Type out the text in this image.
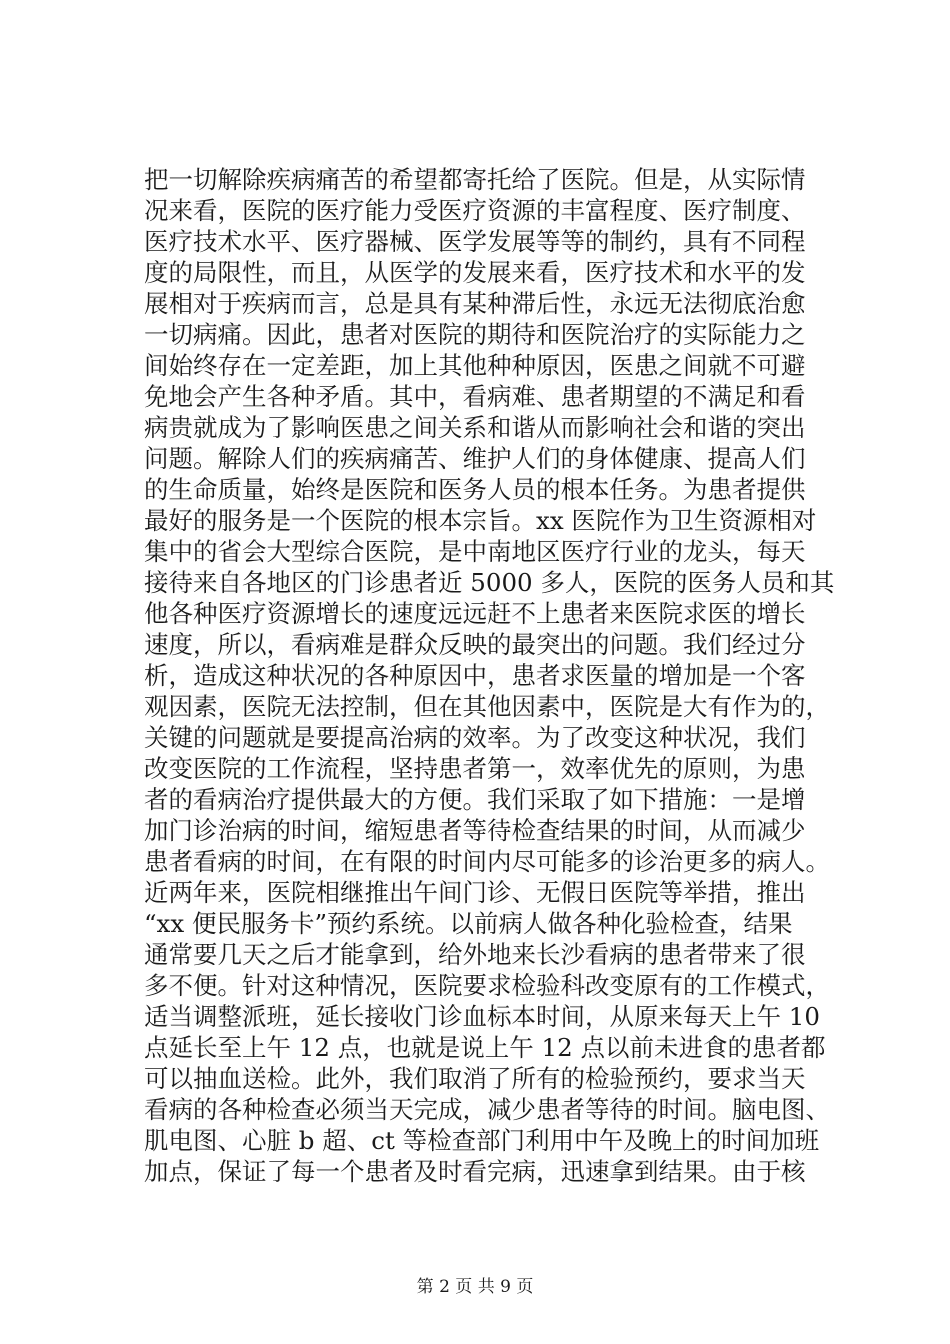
把一切解除疾病痛苦的希望都寄托给了医院。但是，从实际情
况来看，医院的医疗能力受医疗资源的丰富程度、医疗制度、
医疗技术水平、医疗器械、医学发展等等的制约，具有不同程
度的局限性，而且，从医学的发展来看，医疗技术和水平的发
展相对于疾病而言，总是具有某种滞后性，永远无法彻底治愈
一切病痛。因此，患者对医院的期待和医院治疗的实际能力之
间始终存在一定差距，加上其他种种原因，医患之间就不可避
免地会产生各种矛盾。其中，看病难、患者期望的不满足和看
病贵就成为了影响医患之间关系和谐从而影响社会和谐的突出
问题。解除人们的疾病痛苦、维护人们的身体健康、提高人们
的生命质量，始终是医院和医务人员的根本任务。为患者提供
最好的服务是一个医院的根本宗旨。xx 医院作为卫生资源相对
集中的省会大型综合医院，是中南地区医疗行业的龙头，每天
接待来自各地区的门诊患者近 5000 多人，医院的医务人员和其
他各种医疗资源增长的速度远远赶不上患者来医院求医的增长
速度，所以，看病难是群众反映的最突出的问题。我们经过分
析，造成这种状况的各种原因中，患者求医量的增加是一个客
观因素，医院无法控制，但在其他因素中，医院是大有作为的，
关键的问题就是要提高治病的效率。为了改变这种状况，我们
改变医院的工作流程，坚持患者第一，效率优先的原则，为患
者的看病治疗提供最大的方便。我们采取了如下措施：一是增
加门诊治病的时间，缩短患者等待检查结果的时间，从而减少
患者看病的时间，在有限的时间内尽可能多的诊治更多的病人。
近两年来，医院相继推出午间门诊、无假日医院等举措，推出
“xx 便民服务卡”预约系统。以前病人做各种化验检查，结果
通常要几天之后才能拿到，给外地来长沙看病的患者带来了很
多不便。针对这种情况，医院要求检验科改变原有的工作模式，
适当调整派班，延长接收门诊血标本时间，从原来每天上午 10
点延长至上午 12 点，也就是说上午 12 点以前未进食的患者都
可以抽血送检。此外，我们取消了所有的检验预约，要求当天
看病的各种检查必须当天完成，减少患者等待的时间。脑电图、
肌电图、心脏 b 超、ct 等检查部门利用中午及晚上的时间加班
加点，保证了每一个患者及时看完病，迅速拿到结果。由于核
第 2 页 共 9 页
